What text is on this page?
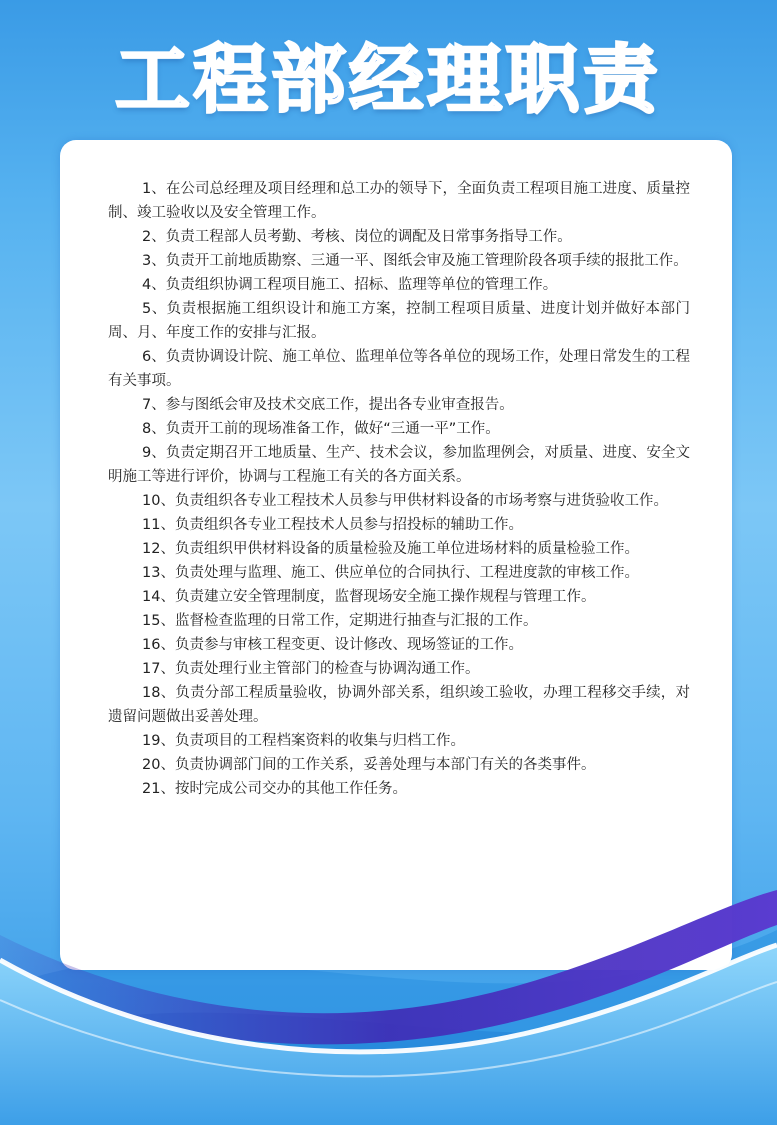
工程部经理职责

1、在公司总经理及项目经理和总工办的领导下，全面负责工程项目施工进度、质量控制、竣工验收以及安全管理工作。

2、负责工程部人员考勤、考核、岗位的调配及日常事务指导工作。

3、负责开工前地质勘察、三通一平、图纸会审及施工管理阶段各项手续的报批工作。

4、负责组织协调工程项目施工、招标、监理等单位的管理工作。

5、负责根据施工组织设计和施工方案，控制工程项目质量、进度计划并做好本部门周、月、年度工作的安排与汇报。

6、负责协调设计院、施工单位、监理单位等各单位的现场工作，处理日常发生的工程有关事项。

7、参与图纸会审及技术交底工作，提出各专业审查报告。

8、负责开工前的现场准备工作，做好“三通一平”工作。

9、负责定期召开工地质量、生产、技术会议，参加监理例会，对质量、进度、安全文明施工等进行评价，协调与工程施工有关的各方面关系。

10、负责组织各专业工程技术人员参与甲供材料设备的市场考察与进货验收工作。

11、负责组织各专业工程技术人员参与招投标的辅助工作。

12、负责组织甲供材料设备的质量检验及施工单位进场材料的质量检验工作。

13、负责处理与监理、施工、供应单位的合同执行、工程进度款的审核工作。

14、负责建立安全管理制度，监督现场安全施工操作规程与管理工作。

15、监督检查监理的日常工作，定期进行抽查与汇报的工作。

16、负责参与审核工程变更、设计修改、现场签证的工作。

17、负责处理行业主管部门的检查与协调沟通工作。

18、负责分部工程质量验收，协调外部关系，组织竣工验收，办理工程移交手续，对遗留问题做出妥善处理。

19、负责项目的工程档案资料的收集与归档工作。

20、负责协调部门间的工作关系，妥善处理与本部门有关的各类事件。

21、按时完成公司交办的其他工作任务。
